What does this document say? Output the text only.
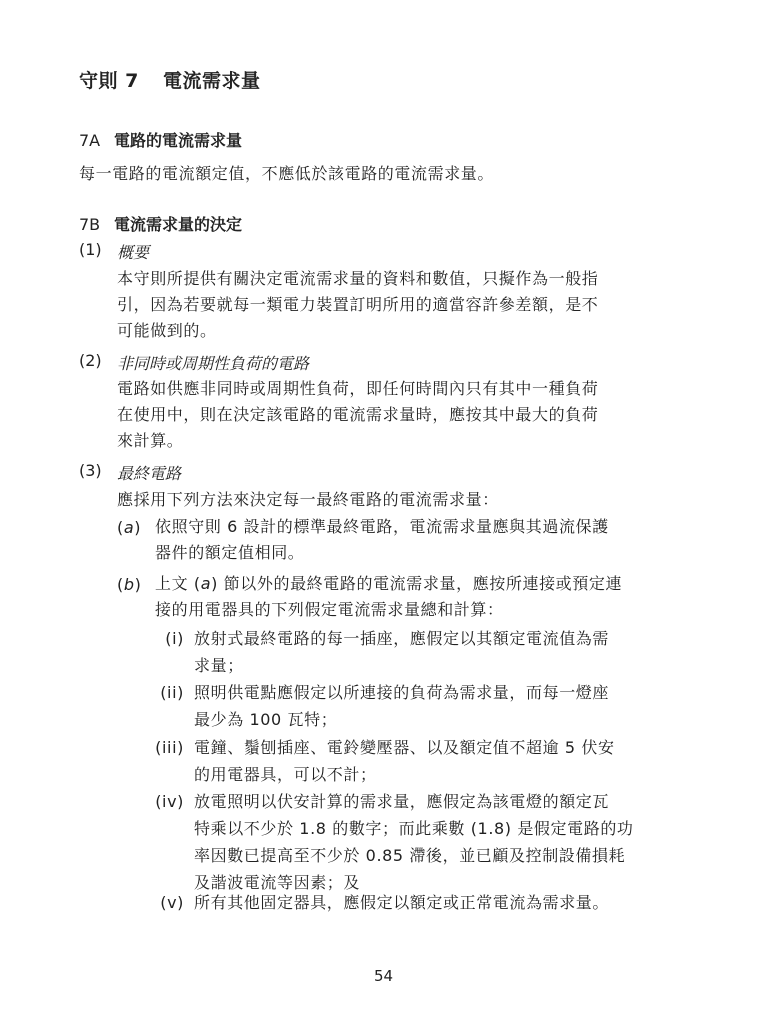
守則 7 電流需求量
7A 電路的電流需求量
每一電路的電流額定值，不應低於該電路的電流需求量。
7B 電流需求量的決定
(1) 概要
本守則所提供有關決定電流需求量的資料和數值，只擬作為一般指
引，因為若要就每一類電力裝置訂明所用的適當容許參差額，是不
可能做到的。
(2) 非同時或周期性負荷的電路
電路如供應非同時或周期性負荷，即任何時間內只有其中一種負荷
在使用中，則在決定該電路的電流需求量時，應按其中最大的負荷
來計算。
(3) 最終電路
應採用下列方法來決定每一最終電路的電流需求量：
(a) 依照守則 6 設計的標準最終電路，電流需求量應與其過流保護
器件的額定值相同。
(b) 上文 (a) 節以外的最終電路的電流需求量，應按所連接或預定連
接的用電器具的下列假定電流需求量總和計算：
(i) 放射式最終電路的每一插座，應假定以其額定電流值為需
求量；
(ii) 照明供電點應假定以所連接的負荷為需求量，而每一燈座
最少為 100 瓦特；
(iii) 電鐘、鬚刨插座、電鈴變壓器、以及額定值不超逾 5 伏安
的用電器具，可以不計；
(iv) 放電照明以伏安計算的需求量，應假定為該電燈的額定瓦
特乘以不少於 1.8 的數字；而此乘數 (1.8) 是假定電路的功
率因數已提高至不少於 0.85 滯後，並已顧及控制設備損耗
及諧波電流等因素；及
(v) 所有其他固定器具，應假定以額定或正常電流為需求量。
54
